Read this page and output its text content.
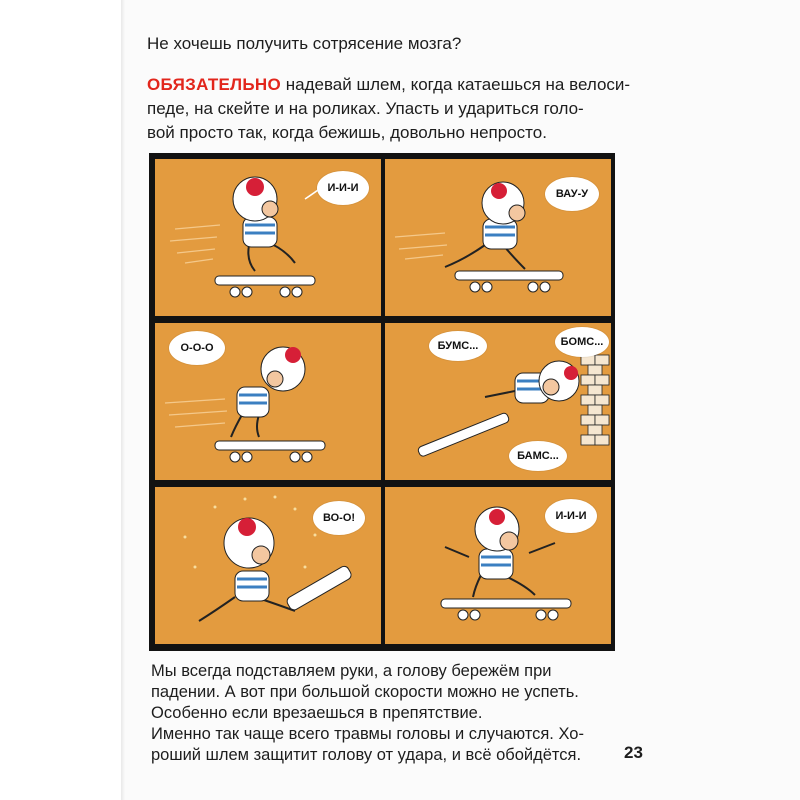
Не хочешь получить сотрясение мозга?
ОБЯЗАТЕЛЬНО надевай шлем, когда катаешься на велоси-
педе, на скейте и на роликах. Упасть и удариться голо-
вой просто так, когда бежишь, довольно непросто.
И-И-И	ВАУ-У
О-О-О	БУМС...	БОМС...
БАМС...
ВО-О!	И-И-И
Мы всегда подставляем руки, а голову бережём при
падении. А вот при большой скорости можно не успеть.
Особенно если врезаешься в препятствие.
Именно так чаще всего травмы головы и случаются. Хо-
роший шлем защитит голову от удара, и всё обойдётся.	23
